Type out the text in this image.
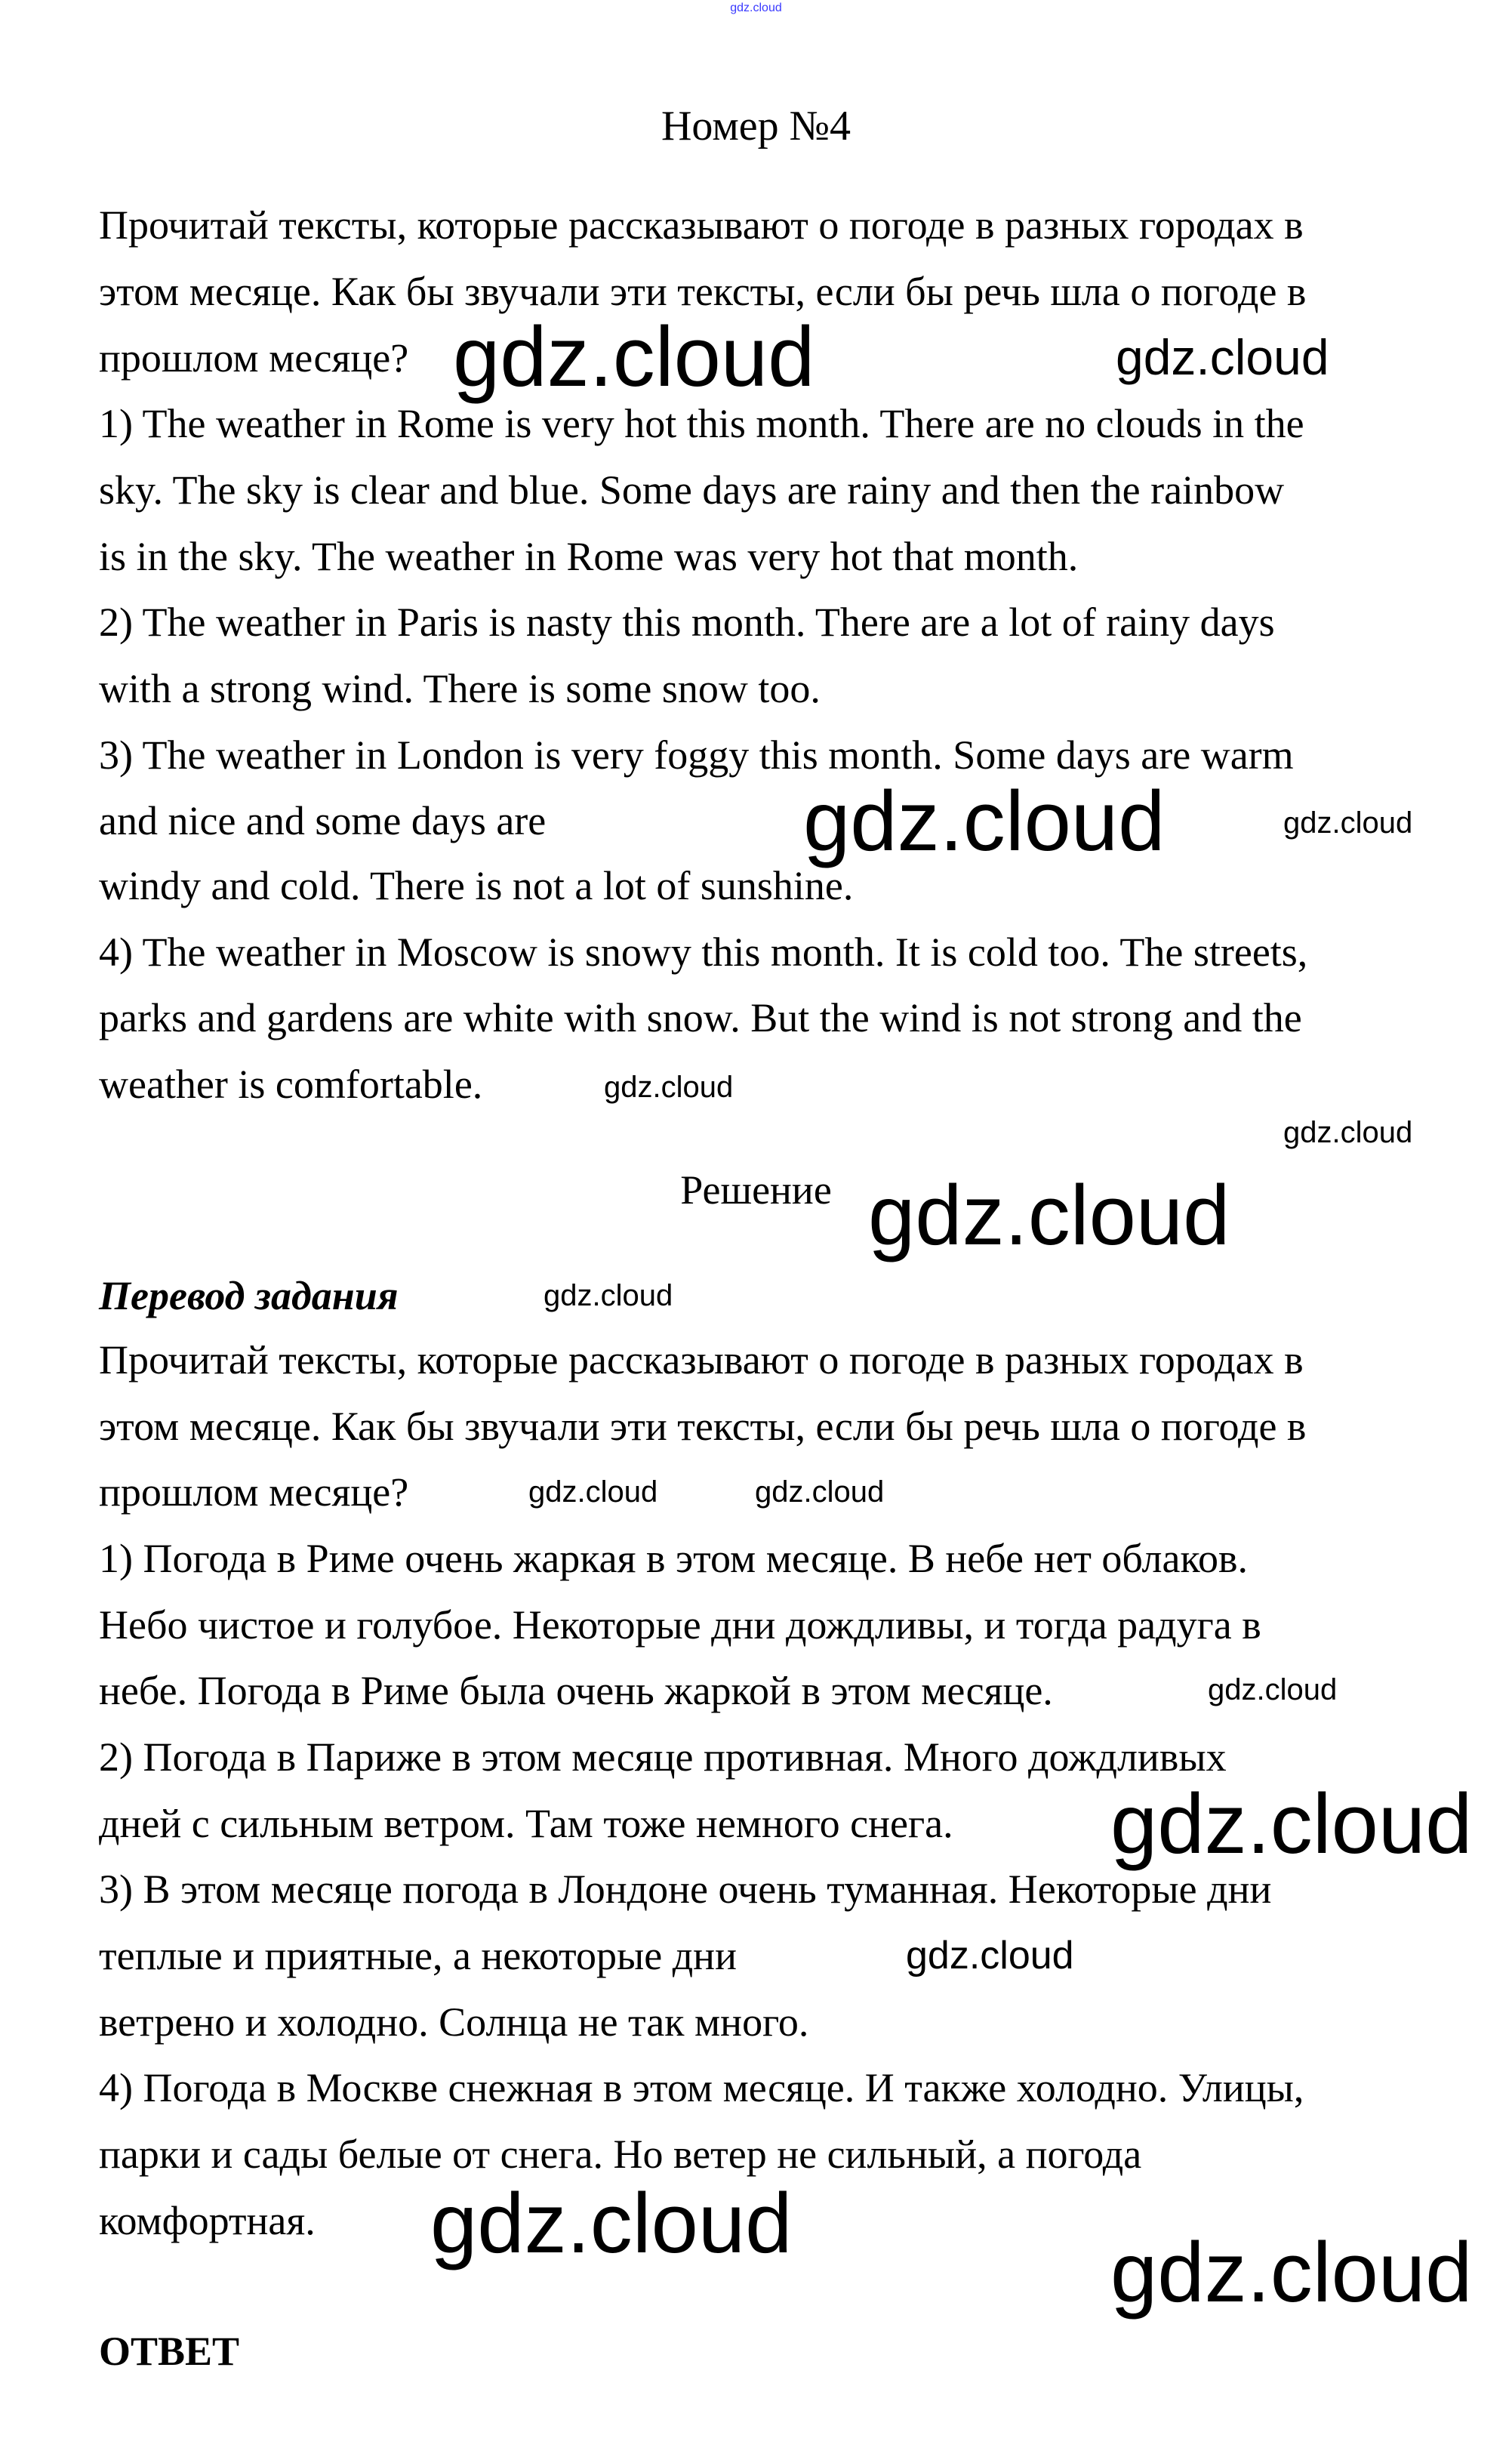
gdz.cloud
Номер №4
Прочитай тексты, которые рассказывают о погоде в разных городах в
этом месяце. Как бы звучали эти тексты, если бы речь шла о погоде в
прошлом месяце?
1) The weather in Rome is very hot this month. There are no clouds in the
sky. The sky is clear and blue. Some days are rainy and then the rainbow
is in the sky. The weather in Rome was very hot that month.
2) The weather in Paris is nasty this month. There are a lot of rainy days
with a strong wind. There is some snow too.
3) The weather in London is very foggy this month. Some days are warm
and nice and some days are
windy and cold. There is not a lot of sunshine.
4) The weather in Moscow is snowy this month. It is cold too. The streets,
parks and gardens are white with snow. But the wind is not strong and the
weather is comfortable.
Решение
Перевод задания
Прочитай тексты, которые рассказывают о погоде в разных городах в
этом месяце. Как бы звучали эти тексты, если бы речь шла о погоде в
прошлом месяце?
1) Погода в Риме очень жаркая в этом месяце. В небе нет облаков.
Небо чистое и голубое. Некоторые дни дождливы, и тогда радуга в
небе. Погода в Риме была очень жаркой в этом месяце.
2) Погода в Париже в этом месяце противная. Много дождливых
дней с сильным ветром. Там тоже немного снега.
3) В этом месяце погода в Лондоне очень туманная. Некоторые дни
теплые и приятные, а некоторые дни
ветрено и холодно. Солнца не так много.
4) Погода в Москве снежная в этом месяце. И также холодно. Улицы,
парки и сады белые от снега. Но ветер не сильный, а погода
комфортная.
ОТВЕТ
gdz.cloud	gdz.cloud
gdz.cloud
gdz.cloud
gdz.cloud
gdz.cloud
gdz.cloud
gdz.cloud
gdz.cloud	gdz.cloud
gdz.cloud
gdz.cloud
gdz.cloud
gdz.cloud
gdz.cloud
